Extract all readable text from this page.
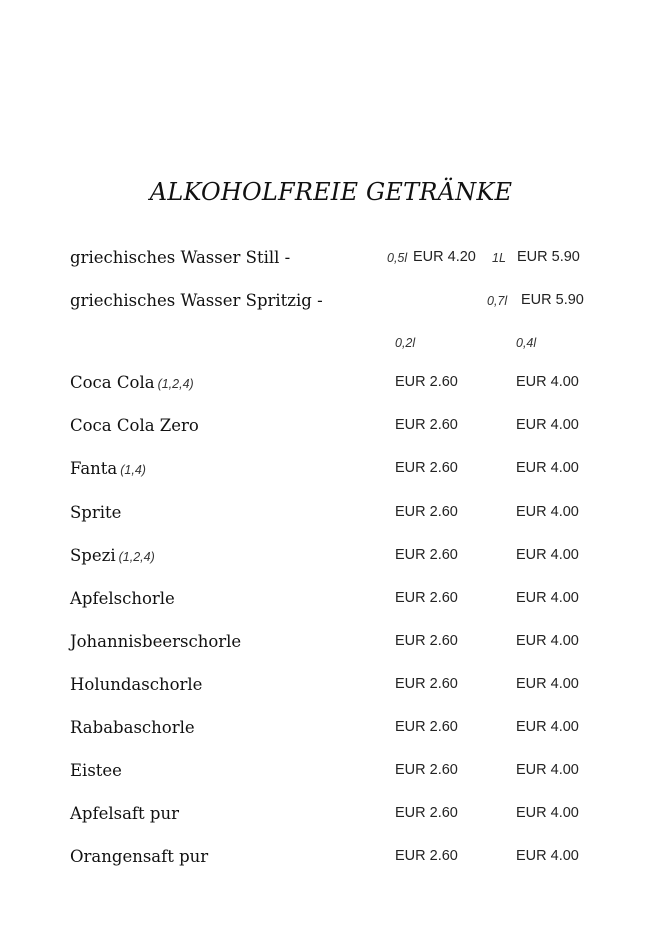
ALKOHOLFREIE GETRÄNKE
griechisches Wasser Still -	0,5l EUR 4.20 1L EUR 5.90
griechisches Wasser Spritzig -	0,7l EUR 5.90
0,2l	0,4l
Coca Cola (1,2,4)	EUR 2.60	EUR 4.00
Coca Cola Zero	EUR 2.60	EUR 4.00
Fanta (1,4)	EUR 2.60	EUR 4.00
Sprite	EUR 2.60	EUR 4.00
Spezi (1,2,4)	EUR 2.60	EUR 4.00
Apfelschorle	EUR 2.60	EUR 4.00
Johannisbeerschorle	EUR 2.60	EUR 4.00
Holundaschorle	EUR 2.60	EUR 4.00
Rababaschorle	EUR 2.60	EUR 4.00
Eistee	EUR 2.60	EUR 4.00
Apfelsaft pur	EUR 2.60	EUR 4.00
Orangensaft pur	EUR 2.60	EUR 4.00
